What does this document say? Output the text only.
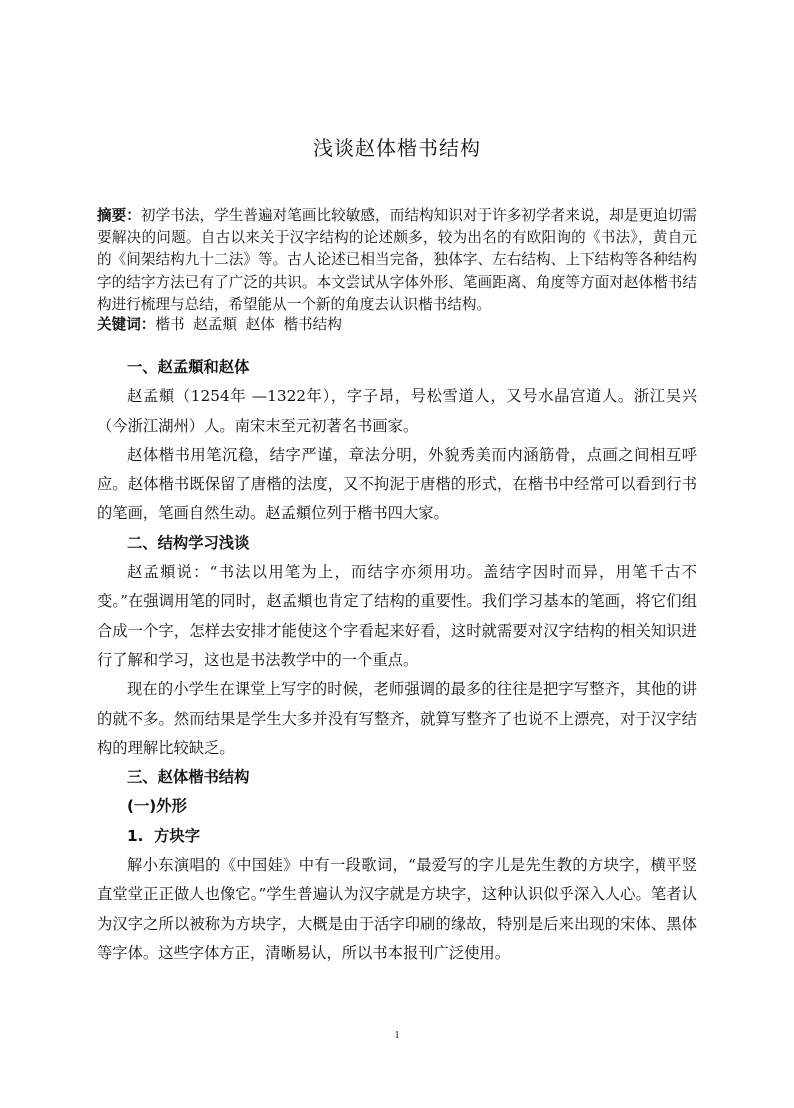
浅谈赵体楷书结构
摘要：初学书法，学生普遍对笔画比较敏感，而结构知识对于许多初学者来说，却是更迫切需要解决的问题。自古以来关于汉字结构的论述颇多，较为出名的有欧阳询的《书法》，黄自元的《间架结构九十二法》等。古人论述已相当完备，独体字、左右结构、上下结构等各种结构字的结字方法已有了广泛的共识。本文尝试从字体外形、笔画距离、角度等方面对赵体楷书结构进行梳理与总结，希望能从一个新的角度去认识楷书结构。
关键词：楷书 赵孟頫 赵体 楷书结构

一、赵孟頫和赵体

赵孟頫（1254年 —1322年），字子昂，号松雪道人，又号水晶宫道人。浙江吴兴（今浙江湖州）人。南宋末至元初著名书画家。

赵体楷书用笔沉稳，结字严谨，章法分明，外貌秀美而内涵筋骨，点画之间相互呼应。赵体楷书既保留了唐楷的法度，又不拘泥于唐楷的形式，在楷书中经常可以看到行书的笔画，笔画自然生动。赵孟頫位列于楷书四大家。

二、结构学习浅谈

赵孟頫说：“书法以用笔为上，而结字亦须用功。盖结字因时而异，用笔千古不变。”在强调用笔的同时，赵孟頫也肯定了结构的重要性。我们学习基本的笔画，将它们组合成一个字，怎样去安排才能使这个字看起来好看，这时就需要对汉字结构的相关知识进行了解和学习，这也是书法教学中的一个重点。

现在的小学生在课堂上写字的时候，老师强调的最多的往往是把字写整齐，其他的讲的就不多。然而结果是学生大多并没有写整齐，就算写整齐了也说不上漂亮，对于汉字结构的理解比较缺乏。

三、赵体楷书结构

(一)外形

1.  方块字

解小东演唱的《中国娃》中有一段歌词，“最爱写的字儿是先生教的方块字，横平竖直堂堂正正做人也像它。”学生普遍认为汉字就是方块字，这种认识似乎深入人心。笔者认为汉字之所以被称为方块字，大概是由于活字印刷的缘故，特别是后来出现的宋体、黑体等字体。这些字体方正，清晰易认，所以书本报刊广泛使用。

1
